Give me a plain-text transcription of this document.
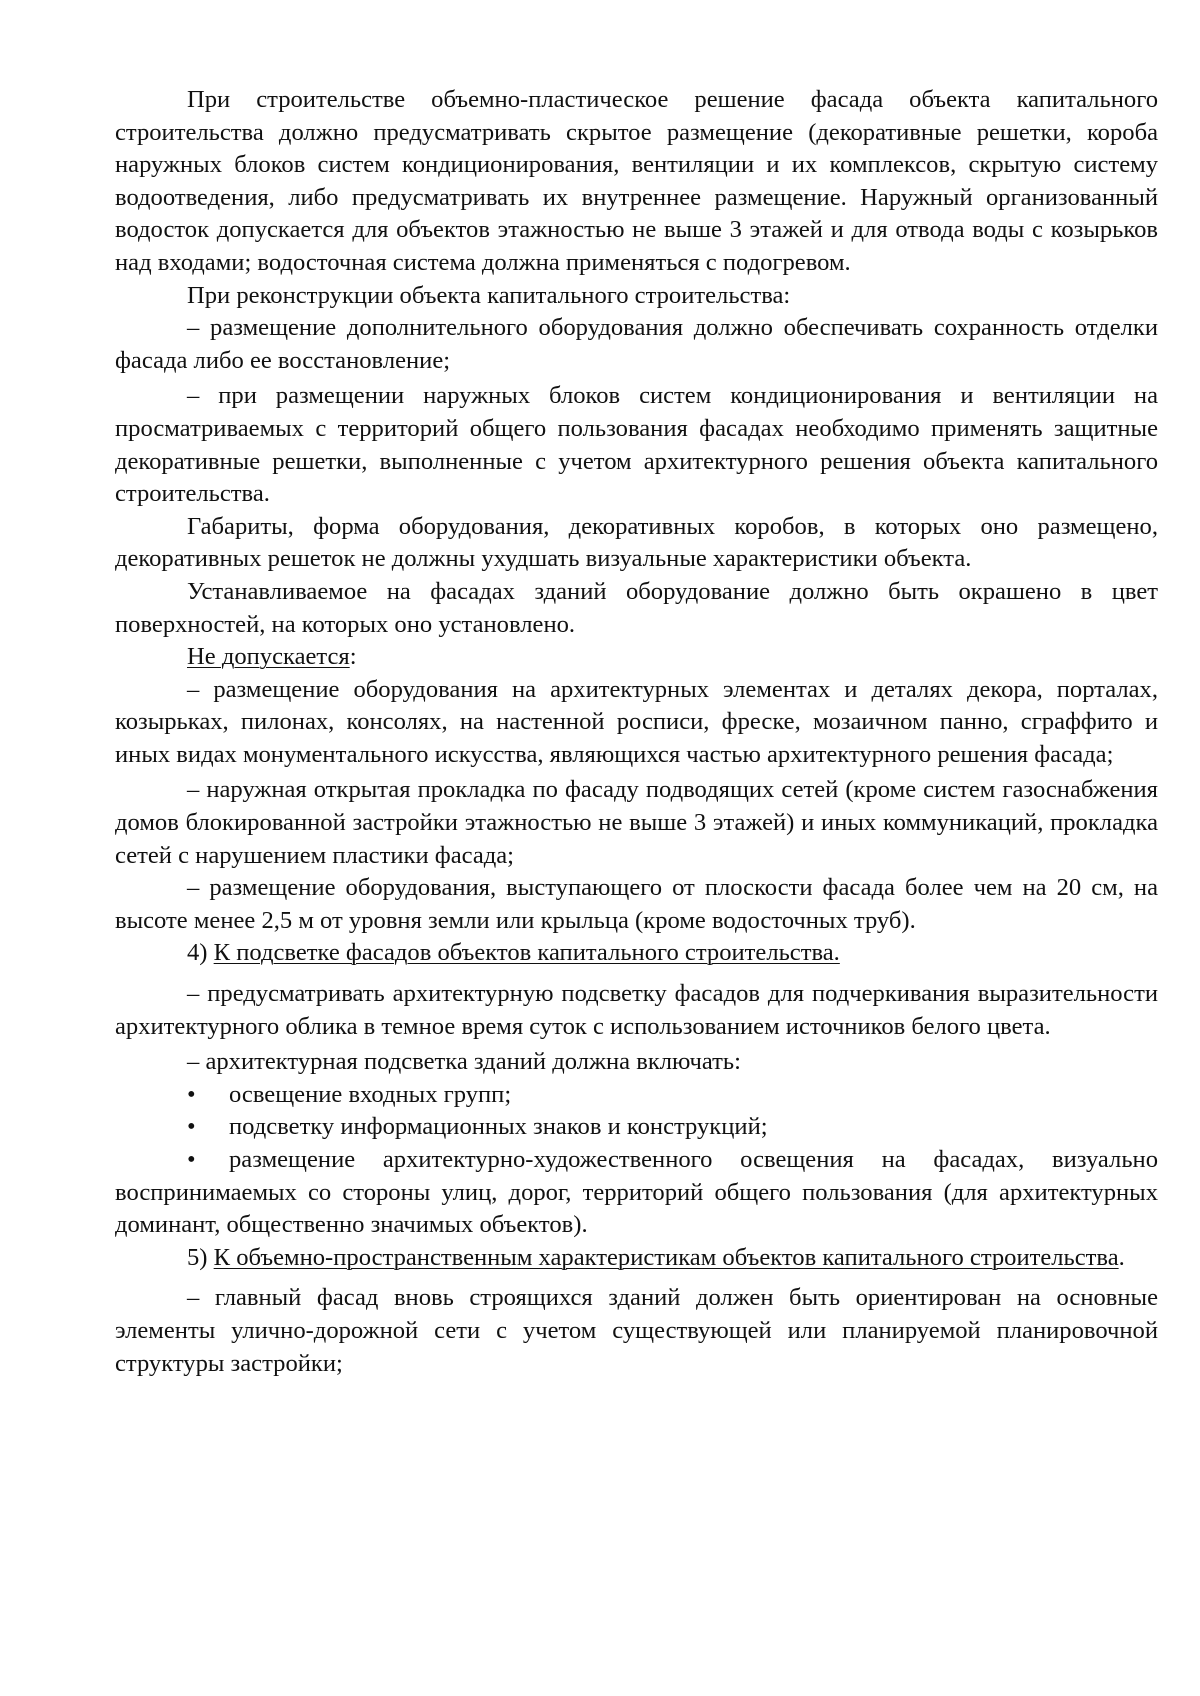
При строительстве объемно-пластическое решение фасада объекта капитального строительства должно предусматривать скрытое размещение (декоративные решетки, короба наружных блоков систем кондиционирования, вентиляции и их комплексов, скрытую систему водоотведения, либо предусматривать их внутреннее размещение. Наружный организованный водосток допускается для объектов этажностью не выше 3 этажей и для отвода воды с козырьков над входами; водосточная система должна применяться с подогревом.

При реконструкции объекта капитального строительства:

– размещение дополнительного оборудования должно обеспечивать сохранность отделки фасада либо ее восстановление;

– при размещении наружных блоков систем кондиционирования и вентиляции на просматриваемых с территорий общего пользования фасадах необходимо применять защитные декоративные решетки, выполненные с учетом архитектурного решения объекта капитального строительства.

Габариты, форма оборудования, декоративных коробов, в которых оно размещено, декоративных решеток не должны ухудшать визуальные характеристики объекта.

Устанавливаемое на фасадах зданий оборудование должно быть окрашено в цвет поверхностей, на которых оно установлено.

Не допускается:

– размещение оборудования на архитектурных элементах и деталях декора, порталах, козырьках, пилонах, консолях, на настенной росписи, фреске, мозаичном панно, сграффито и иных видах монументального искусства, являющихся частью архитектурного решения фасада;

– наружная открытая прокладка по фасаду подводящих сетей (кроме систем газоснабжения домов блокированной застройки этажностью не выше 3 этажей) и иных коммуникаций, прокладка сетей с нарушением пластики фасада;

– размещение оборудования, выступающего от плоскости фасада более чем на 20 см, на высоте менее 2,5 м от уровня земли или крыльца (кроме водосточных труб).

4) К подсветке фасадов объектов капитального строительства.

– предусматривать архитектурную подсветку фасадов для подчеркивания выразительности архитектурного облика в темное время суток с использованием источников белого цвета.

– архитектурная подсветка зданий должна включать:

• освещение входных групп;

• подсветку информационных знаков и конструкций;

• размещение архитектурно-художественного освещения на фасадах, визуально воспринимаемых со стороны улиц, дорог, территорий общего пользования (для архитектурных доминант, общественно значимых объектов).

5) К объемно-пространственным характеристикам объектов капитального строительства.

– главный фасад вновь строящихся зданий должен быть ориентирован на основные элементы улично-дорожной сети с учетом существующей или планируемой планировочной структуры застройки;
